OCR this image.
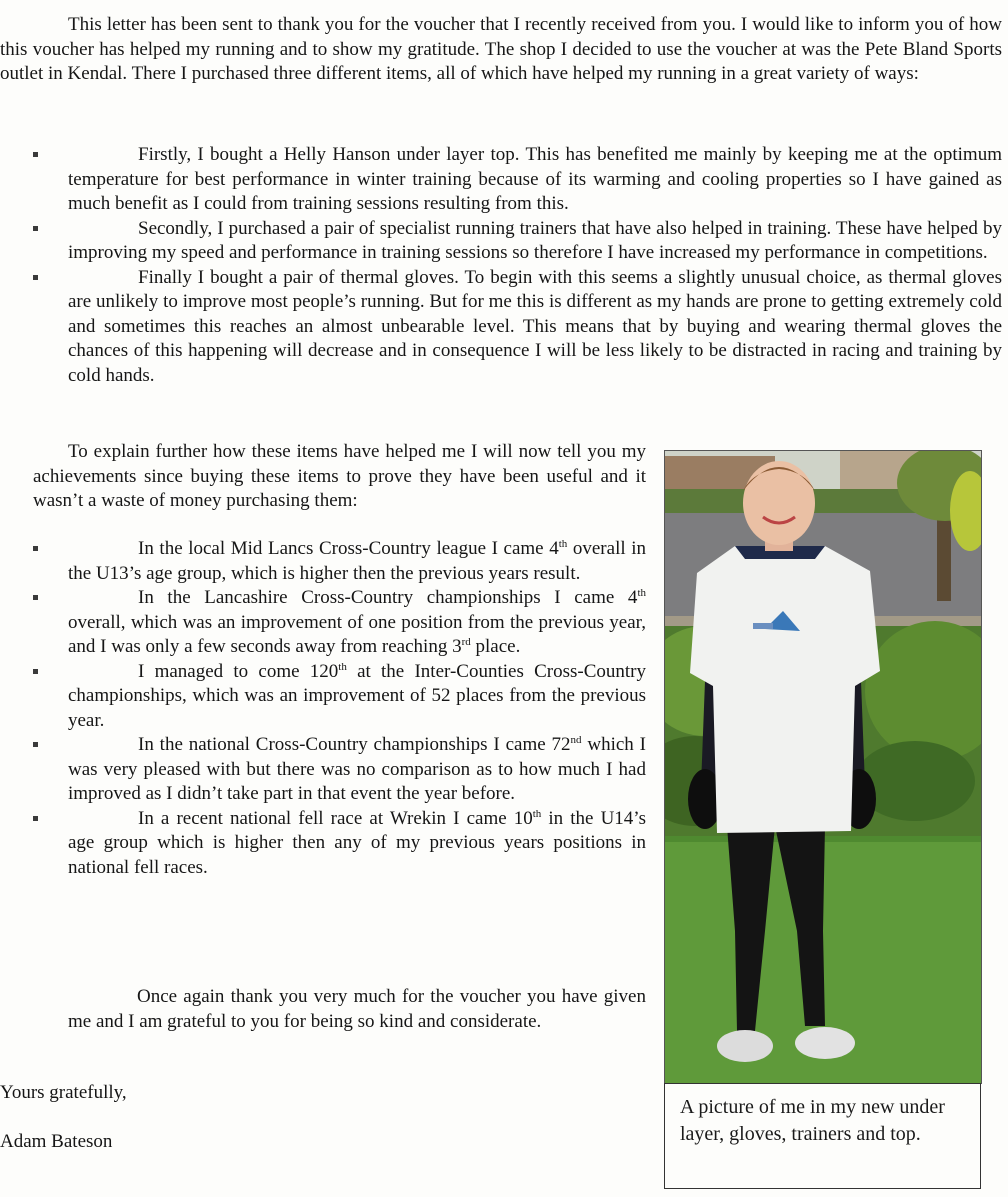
This letter has been sent to thank you for the voucher that I recently received from you. I would like to inform you of how this voucher has helped my running and to show my gratitude. The shop I decided to use the voucher at was the Pete Bland Sports outlet in Kendal. There I purchased three different items, all of which have helped my running in a great variety of ways:

Firstly, I bought a Helly Hanson under layer top. This has benefited me mainly by keeping me at the optimum temperature for best performance in winter training because of its warming and cooling properties so I have gained as much benefit as I could from training sessions resulting from this.
Secondly, I purchased a pair of specialist running trainers that have also helped in training. These have helped by improving my speed and performance in training sessions so therefore I have increased my performance in competitions.
Finally I bought a pair of thermal gloves. To begin with this seems a slightly unusual choice, as thermal gloves are unlikely to improve most people’s running. But for me this is different as my hands are prone to getting extremely cold and sometimes this reaches an almost unbearable level. This means that by buying and wearing thermal gloves the chances of this happening will decrease and in consequence I will be less likely to be distracted in racing and training by cold hands.

To explain further how these items have helped me I will now tell you my achievements since buying these items to prove they have been useful and it wasn’t a waste of money purchasing them:

In the local Mid Lancs Cross-Country league I came 4th overall in the U13’s age group, which is higher then the previous years result.
In the Lancashire Cross-Country championships I came 4th overall, which was an improvement of one position from the previous year, and I was only a few seconds away from reaching 3rd place.
I managed to come 120th at the Inter-Counties Cross-Country championships, which was an improvement of 52 places from the previous year.
In the national Cross-Country championships I came 72nd which I was very pleased with but there was no comparison as to how much I had improved as I didn’t take part in that event the year before.
In a recent national fell race at Wrekin I came 10th in the U14’s age group which is higher then any of my previous years positions in national fell races.

Once again thank you very much for the voucher you have given me and I am grateful to you for being so kind and considerate.

Yours gratefully,

Adam Bateson

A picture of me in my new under layer, gloves, trainers and top.
